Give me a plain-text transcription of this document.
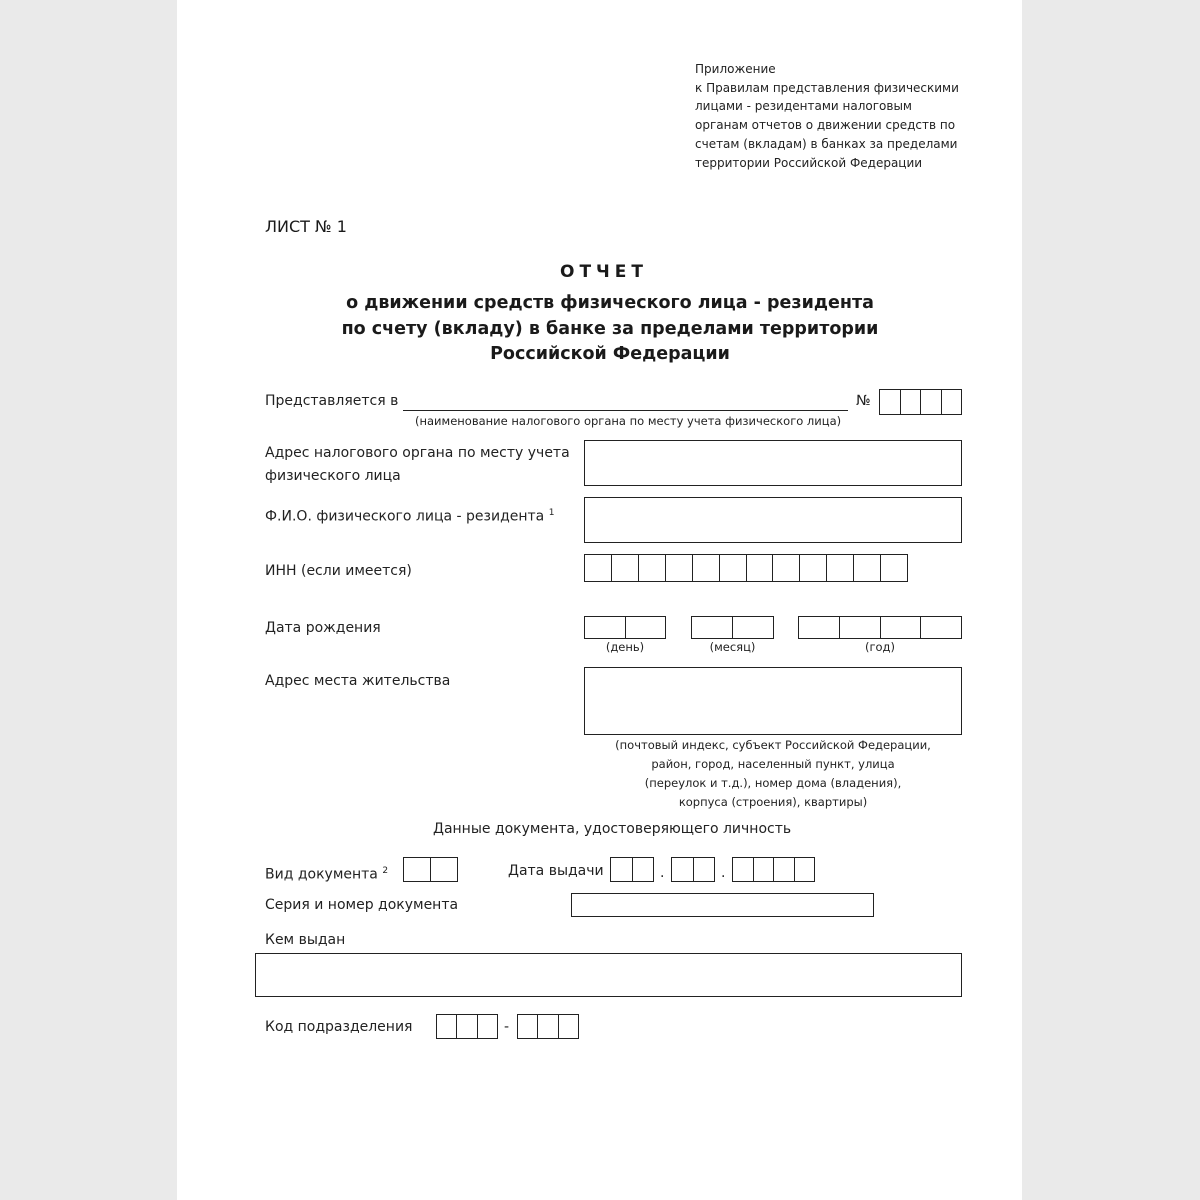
Приложение
к Правилам представления физическими
лицами - резидентами налоговым
органам отчетов о движении средств по
счетам (вкладам) в банках за пределами
территории Российской Федерации
ЛИСТ № 1
ОТЧЕТ
о движении средств физического лица - резидента
по счету (вкладу) в банке за пределами территории
Российской Федерации
Представляется в
(наименование налогового органа по месту учета физического лица)
№
Адрес налогового органа по месту учета
физического лица
Ф.И.О. физического лица - резидента $^1$
ИНН (если имеется)
Дата рождения
(день)	(месяц)	(год)
Адрес места жительства
(почтовый индекс, субъект Российской Федерации,
район, город, населенный пункт, улица
(переулок и т.д.), номер дома (владения),
корпуса (строения), квартиры)
Данные документа, удостоверяющего личность
Вид документа $^2$	Дата выдачи	.	.
Серия и номер документа
Кем выдан
Код подразделения	-
